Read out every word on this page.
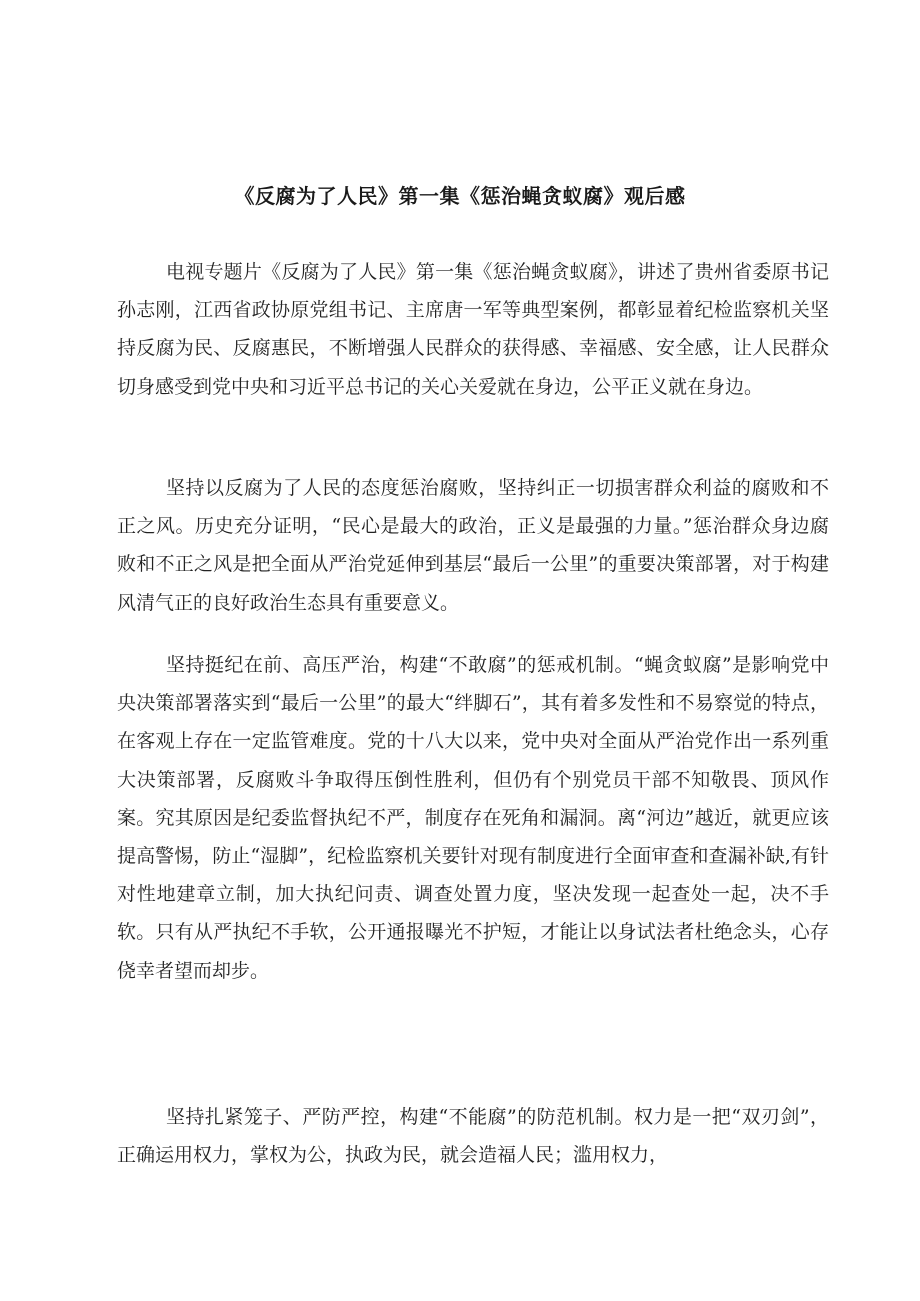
《反腐为了人民》第一集《惩治蝇贪蚁腐》观后感

电视专题片《反腐为了人民》第一集《惩治蝇贪蚁腐》，讲述了贵州省委原书记孙志刚，江西省政协原党组书记、主席唐一军等典型案例，都彰显着纪检监察机关坚持反腐为民、反腐惠民，不断增强人民群众的获得感、幸福感、安全感，让人民群众切身感受到党中央和习近平总书记的关心关爱就在身边，公平正义就在身边。

坚持以反腐为了人民的态度惩治腐败，坚持纠正一切损害群众利益的腐败和不正之风。历史充分证明，“民心是最大的政治，正义是最强的力量。”惩治群众身边腐败和不正之风是把全面从严治党延伸到基层“最后一公里”的重要决策部署，对于构建风清气正的良好政治生态具有重要意义。

坚持挺纪在前、高压严治，构建“不敢腐”的惩戒机制。“蝇贪蚁腐”是影响党中央决策部署落实到“最后一公里”的最大“绊脚石”，其有着多发性和不易察觉的特点，在客观上存在一定监管难度。党的十八大以来，党中央对全面从严治党作出一系列重大决策部署，反腐败斗争取得压倒性胜利，但仍有个别党员干部不知敬畏、顶风作案。究其原因是纪委监督执纪不严，制度存在死角和漏洞。离“河边”越近，就更应该提高警惕，防止“湿脚”，纪检监察机关要针对现有制度进行全面审查和查漏补缺,有针对性地建章立制，加大执纪问责、调查处置力度，坚决发现一起查处一起，决不手软。只有从严执纪不手软，公开通报曝光不护短，才能让以身试法者杜绝念头，心存侥幸者望而却步。

坚持扎紧笼子、严防严控，构建“不能腐”的防范机制。权力是一把“双刃剑”，正确运用权力，掌权为公，执政为民，就会造福人民；滥用权力，
